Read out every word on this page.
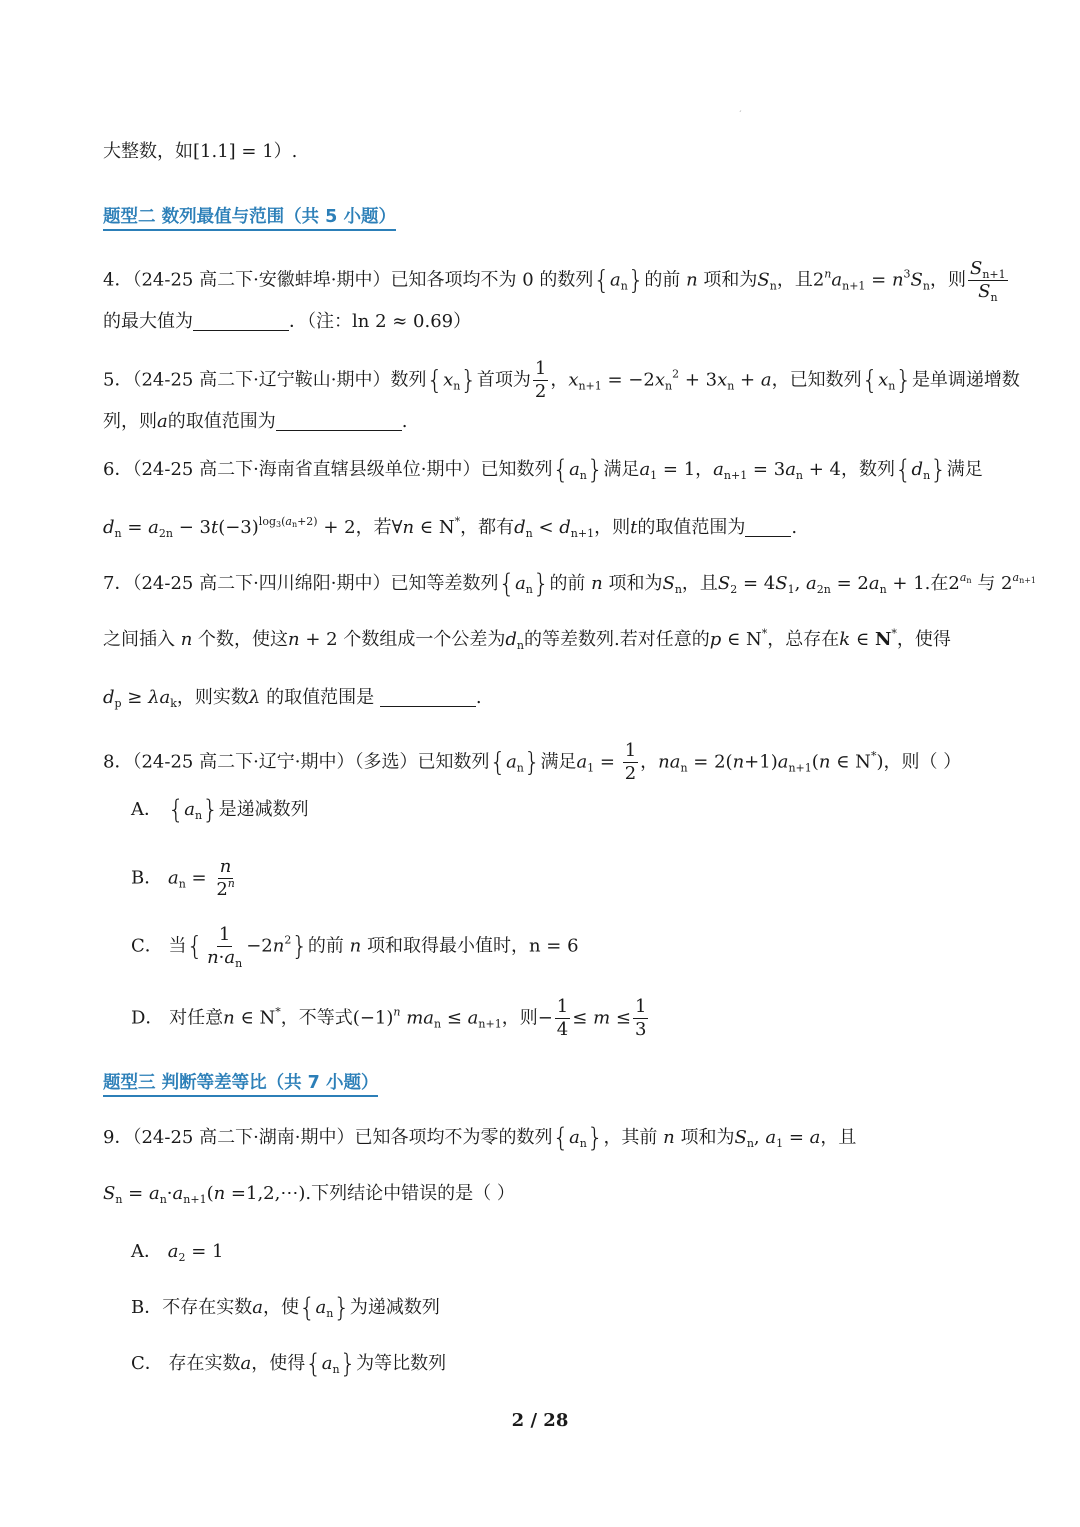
ˊ
大整数，如[1.1] = 1）.
题型二 数列最值与范围（共 5 小题）
4．（24-25 高二下·安徽蚌埠·期中）已知各项均不为 0 的数列$\{a_n\}$的前 n 项和为$S_n$，且$2^na_{n+1} = n^3S_n$，则 $\frac{S_{n+1}}{S_n}$
的最大值为	．（注：ln 2 ≈ 0.69）
5．（24-25 高二下·辽宁鞍山·期中）数列$\{x_n\}$首项为 $\frac{1}{2}$ ，$x_{n+1} = -2x_n^2 + 3x_n + a$，已知数列$\{x_n\}$是单调递增数
列，则a的取值范围为	.
6．（24-25 高二下·海南省直辖县级单位·期中）已知数列$\{a_n\}$满足$a_1 = 1$，$a_{n+1} = 3a_n + 4$，数列$\{d_n\}$满足
$d_n = a_{2n} - 3t(-3)^{log_3(a_n+2)} + 2$，若∀n ∈ N*，都有$d_n < d_{n+1}$，则t的取值范围为	.
7．（24-25 高二下·四川绵阳·期中）已知等差数列$\{a_n\}$的前 n 项和为$S_n$，且$S_2 = 4S_1$, $a_{2n} = 2a_n + 1$.在$2^{a_n}$ 与 $2^{a_{n+1}}$
之间插入 n 个数，使这n + 2 个数组成一个公差为$d_n$的等差数列.若对任意的p ∈ N*，总存在k ∈ N*，使得
$d_p \ge \lambda a_k$，则实数λ 的取值范围是	.
8．（24-25 高二下·辽宁·期中）（多选）已知数列$\{a_n\}$满足$a_1 = \frac{1}{2}$ ，$na_n = 2(n+1)a_{n+1}(n$ ∈ N*)，则（ ）
A． $\{a_n\}$是递减数列
B． $a_n = \frac{n}{2^n}$
C． 当{ $\frac{1}{n\cdot a_n} -2n^2$}的前 n 项和取得最小值时，n = 6
D． 对任意n ∈ N*，不等式$(-1)^n$ $ma_n \le a_{n+1}$，则− $\frac{1}{4} \le m \le \frac{1}{3}$
题型三 判断等差等比（共 7 小题）
9．（24-25 高二下·湖南·期中）已知各项均不为零的数列$\{a_n\}$，其前 n 项和为$S_n$, $a_1 = a$，且
$S_n = a_n\cdot a_{n+1}(n$ =1,2,⋯).下列结论中错误的是（ ）
A． $a_2 = 1$
B．不存在实数a，使$\{a_n\}$为递减数列
C． 存在实数a，使得$\{a_n\}$为等比数列
2 / 28
